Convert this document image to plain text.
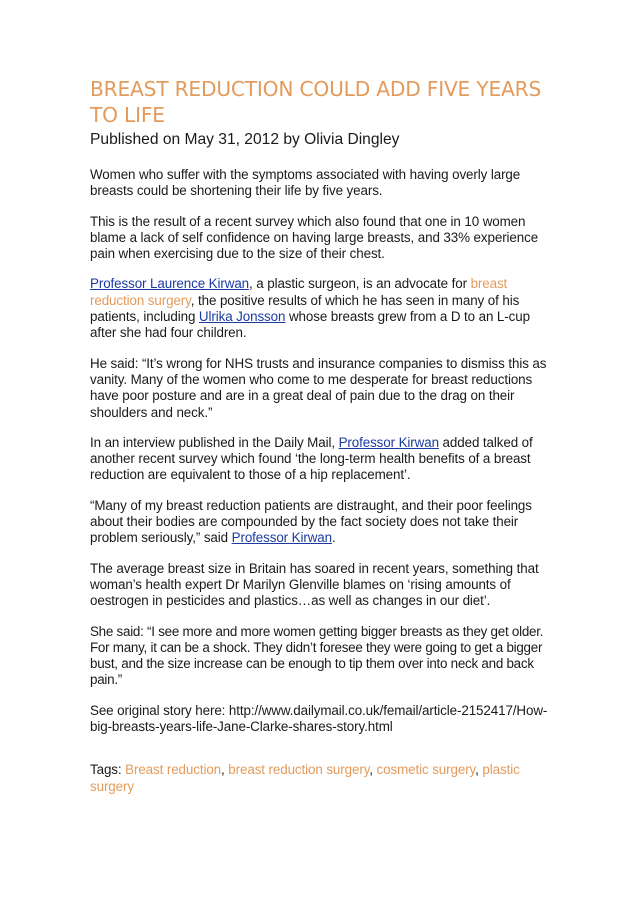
BREAST REDUCTION COULD ADD FIVE YEARS
TO LIFE
Published on May 31, 2012 by Olivia Dingley

Women who suffer with the symptoms associated with having overly large breasts could be shortening their life by five years.

This is the result of a recent survey which also found that one in 10 women blame a lack of self confidence on having large breasts, and 33% experience pain when exercising due to the size of their chest.

Professor Laurence Kirwan, a plastic surgeon, is an advocate for breast reduction surgery, the positive results of which he has seen in many of his patients, including Ulrika Jonsson whose breasts grew from a D to an L-cup after she had four children.

He said: “It’s wrong for NHS trusts and insurance companies to dismiss this as vanity. Many of the women who come to me desperate for breast reductions have poor posture and are in a great deal of pain due to the drag on their shoulders and neck.”

In an interview published in the Daily Mail, Professor Kirwan added talked of another recent survey which found ‘the long-term health benefits of a breast reduction are equivalent to those of a hip replacement’.

“Many of my breast reduction patients are distraught, and their poor feelings about their bodies are compounded by the fact society does not take their problem seriously,” said Professor Kirwan.

The average breast size in Britain has soared in recent years, something that woman’s health expert Dr Marilyn Glenville blames on ‘rising amounts of oestrogen in pesticides and plastics…as well as changes in our diet’.

She said: “I see more and more women getting bigger breasts as they get older. For many, it can be a shock. They didn’t foresee they were going to get a bigger bust, and the size increase can be enough to tip them over into neck and back pain.”

See original story here: http://www.dailymail.co.uk/femail/article-2152417/How-big-breasts-years-life-Jane-Clarke-shares-story.html

Tags: Breast reduction, breast reduction surgery, cosmetic surgery, plastic surgery
